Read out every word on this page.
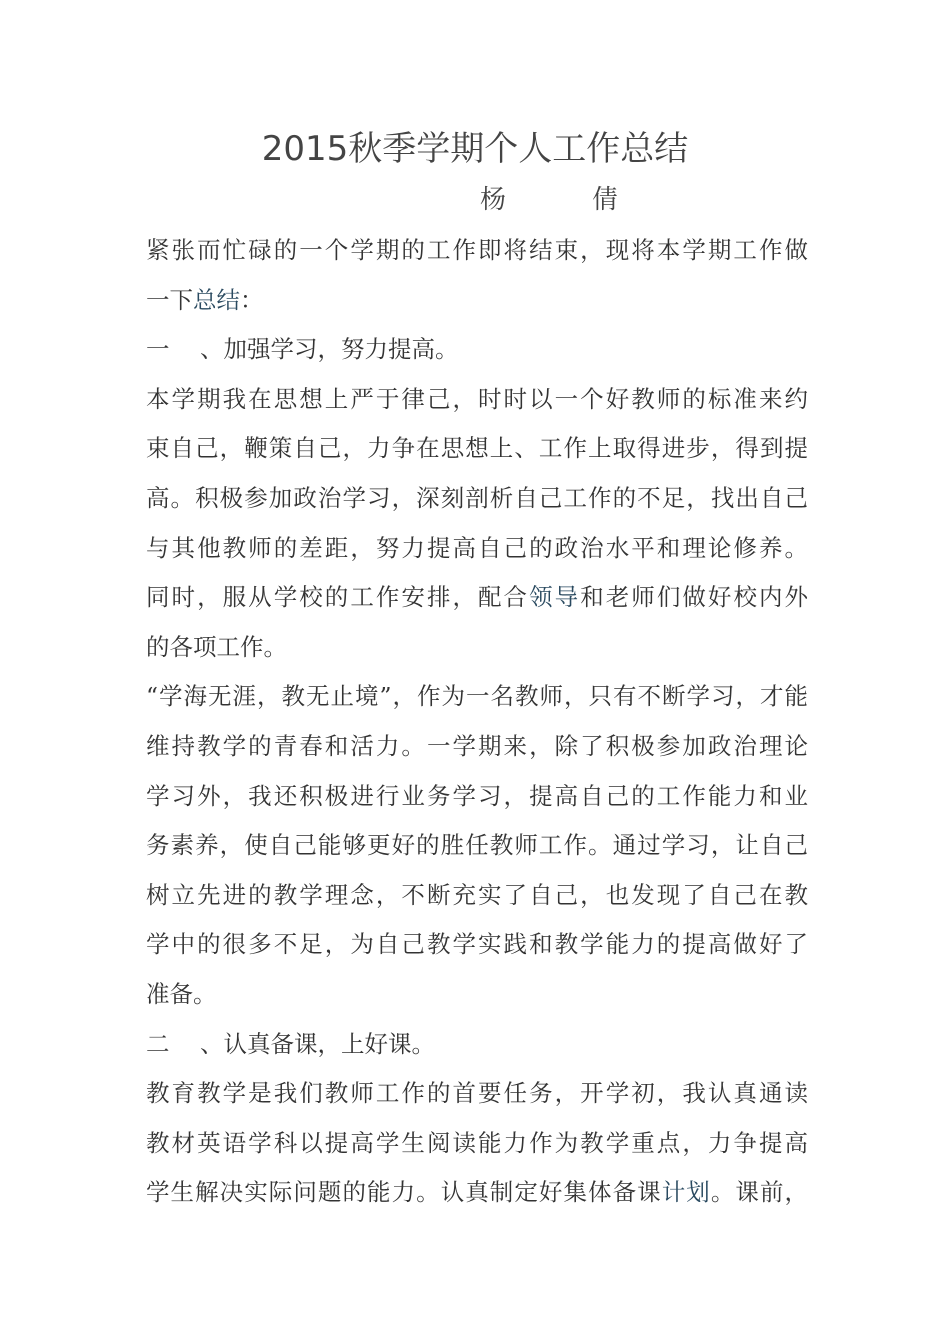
2015秋季学期个人工作总结
杨	倩
紧张而忙碌的一个学期的工作即将结束，现将本学期工作做
一下总结：
一 、加强学习，努力提高。
本学期我在思想上严于律己，时时以一个好教师的标准来约
束自己，鞭策自己，力争在思想上、工作上取得进步，得到提
高。积极参加政治学习，深刻剖析自己工作的不足，找出自己
与其他教师的差距，努力提高自己的政治水平和理论修养。
同时，服从学校的工作安排，配合领导和老师们做好校内外
的各项工作。
“学海无涯，教无止境”，作为一名教师，只有不断学习，才能
维持教学的青春和活力。一学期来，除了积极参加政治理论
学习外，我还积极进行业务学习，提高自己的工作能力和业
务素养，使自己能够更好的胜任教师工作。通过学习，让自己
树立先进的教学理念，不断充实了自己，也发现了自己在教
学中的很多不足，为自己教学实践和教学能力的提高做好了
准备。
二 、认真备课，上好课。
教育教学是我们教师工作的首要任务，开学初，我认真通读
教材英语学科以提高学生阅读能力作为教学重点，力争提高
学生解决实际问题的能力。认真制定好集体备课计划。课前，
